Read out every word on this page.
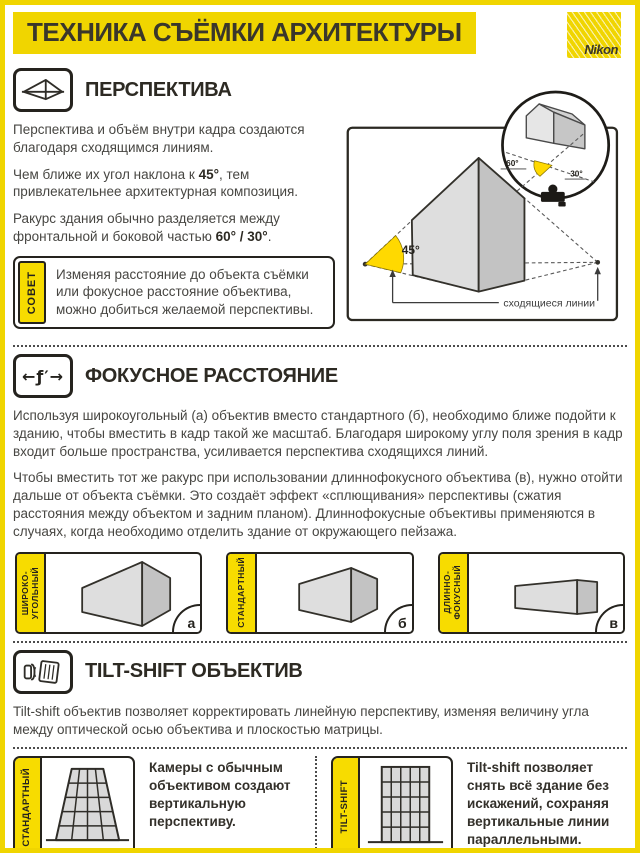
ТЕХНИКА СЪЁМКИ АРХИТЕКТУРЫ
Nikon
ПЕРСПЕКТИВА

Перспектива и объём внутри кадра создаются благодаря сходящимся линиям.

Чем ближе их угол наклона к 45°, тем привлекательнее архитектурная композиция.

Ракурс здания обычно разделяется между фронтальной и боковой частью 60° / 30°.

СОВЕТ	Изменяя расстояние до объекта съёмки или фокусное расстояние объектива, можно добиться желаемой перспективы.
45°
сходящиеся линии
60°
30°
←ƒ′→ ФОКУСНОЕ РАССТОЯНИЕ

Используя широкоугольный (а) объектив вместо стандартного (б), необходимо ближе подойти к зданию, чтобы вместить в кадр такой же масштаб. Благодаря широкому углу поля зрения в кадр входит больше пространства, усиливается перспектива сходящихся линий.

Чтобы вместить тот же ракурс при использовании длиннофокусного объектива (в), нужно отойти дальше от объекта съёмки. Это создаёт эффект «сплющивания» перспективы (сжатия расстояния между объектом и задним планом). Длиннофокусные объективы применяются в случаях, когда необходимо отделить здание от окружающего пейзажа.

ШИРОКО-
УГОЛЬНЫЙ
а	СТАНДАРТНЫЙ	б
ДЛИННО-
ФОКУСНЫЙ
в
TILT-SHIFT ОБЪЕКТИВ

Tilt-shift объектив позволяет корректировать линейную перспективу, изменяя величину угла между оптической осью объектива и плоскостью матрицы.

СТАНДАРТНЫЙ	Камеры с обычным объективом создают вертикальную перспективу.	TILT-SHIFT
Tilt-shift позволяет снять всё здание без искажений, сохраняя вертикальные линии параллельными.
